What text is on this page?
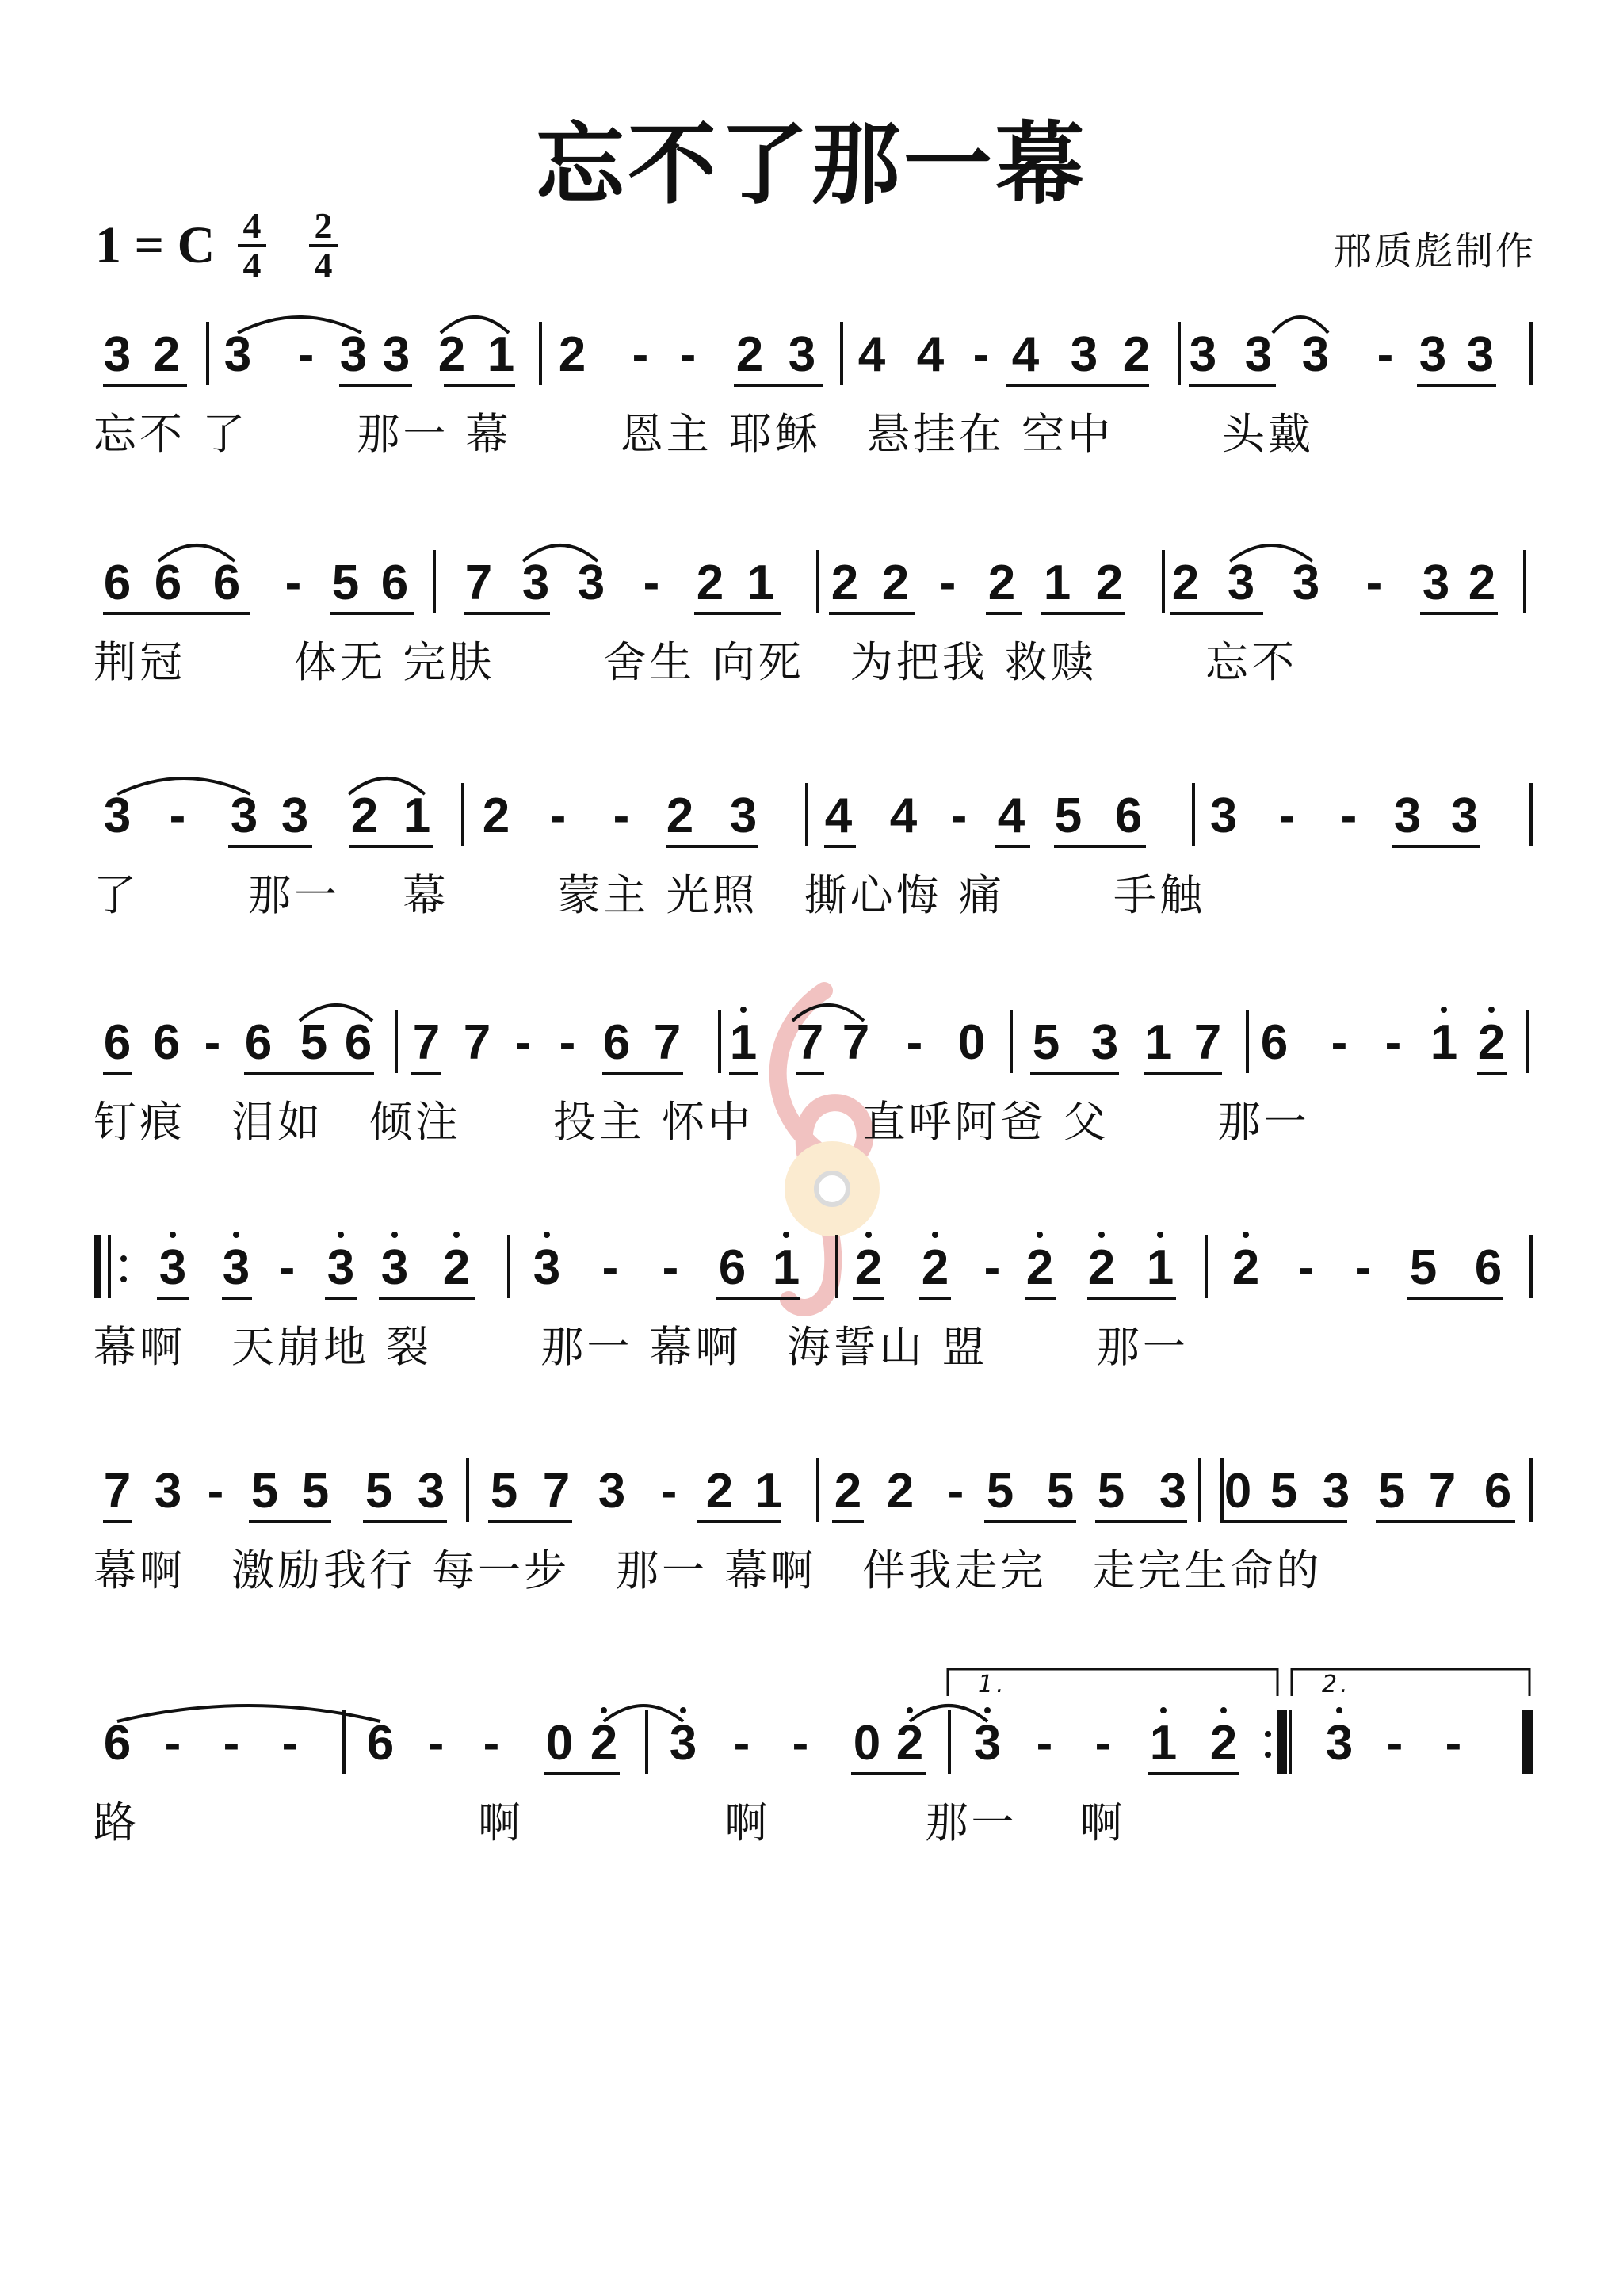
忘不了那一幕
1 = C 4
4
2
4	邢质彪制作
3 2 3 - 3 3 2 1 2 - - 2 3 4 4 - 4 3 2 3 3 3 - 3 3
忘不 了　　 那一 幕　　 恩主 耶稣　悬挂在 空中　　 头戴
6 6 6 - 5 6 7 3 3 - 2 1 2 2 - 2 1 2 2 3 3 - 3 2
荆冠　　 体无 完肤　　 舍生 向死　为把我 救赎　　 忘不
3 - 3 3 2 1 2 - - 2 3 4 4 - 4 5 6 3 - - 3 3
了　　 那一　 幕　　 蒙主 光照　撕心悔 痛　　 手触
6 6 - 6 5 6 7 7 - - 6 7 1 7 7 - 0 5 3 1 7 6 - - 1 2
钉痕　泪如　倾注　　投主 怀中　　 直呼阿爸 父　　 那一
3 3 - 3 3 2 3 - - 6 1 2 2 - 2 2 1 2 - - 5 6
幕啊　天崩地 裂　　 那一 幕啊　海誓山 盟　　 那一
7 3 - 5 5 5 3 5 7 3 - 2 1 2 2 - 5 5 5 3 0 5 3 5 7 6
幕啊　激励我行 每一步　那一 幕啊　伴我走完　走完生命的
6 - - - 6 - - 0 2 3 - - 0 2 3 - - 1 2 3 - -
路　　　　　　　 啊　　　　 啊　　　 那一　 啊
1.	2.
